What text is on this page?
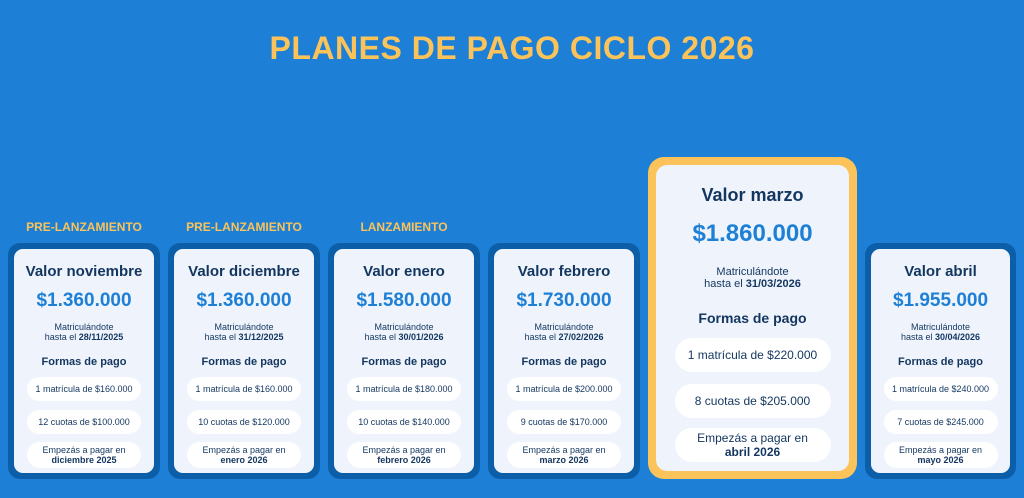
PLANES DE PAGO CICLO 2026
PRE-LANZAMIENTO	PRE-LANZAMIENTO	LANZAMIENTO
Valor noviembre
$1.360.000
Matriculándote
hasta el 28/11/2025
Formas de pago
1 matrícula de $160.000
12 cuotas de $100.000
Empezás a pagar en
diciembre 2025
Valor diciembre
$1.360.000
Matriculándote
hasta el 31/12/2025
Formas de pago
1 matrícula de $160.000
10 cuotas de $120.000
Empezás a pagar en
enero 2026
Valor enero
$1.580.000
Matriculándote
hasta el 30/01/2026
Formas de pago
1 matrícula de $180.000
10 cuotas de $140.000
Empezás a pagar en
febrero 2026
Valor febrero
$1.730.000
Matriculándote
hasta el 27/02/2026
Formas de pago
1 matrícula de $200.000
9 cuotas de $170.000
Empezás a pagar en
marzo 2026
Valor marzo
$1.860.000
Matriculándote
hasta el 31/03/2026
Formas de pago
1 matrícula de $220.000
8 cuotas de $205.000
Empezás a pagar en
abril 2026
Valor abril
$1.955.000
Matriculándote
hasta el 30/04/2026
Formas de pago
1 matrícula de $240.000
7 cuotas de $245.000
Empezás a pagar en
mayo 2026
